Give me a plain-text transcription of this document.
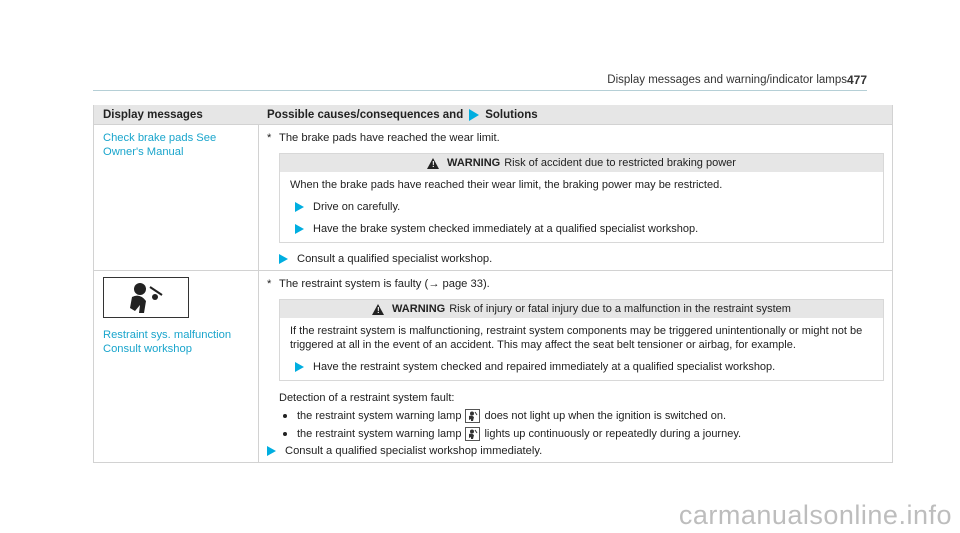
Display messages and warning/indicator lamps 477
Display messages	Possible causes/consequences and Solutions
Check brake pads See
Owner's Manual
* The brake pads have reached the wear limit.
! WARNING Risk of accident due to restricted braking power
When the brake pads have reached their wear limit, the braking power may be restricted.
Drive on carefully.
Have the brake system checked immediately at a qualified specialist workshop.
Consult a qualified specialist workshop.
Restraint sys. malfunction
Consult workshop
* The restraint system is faulty (→ page 33).
! WARNING Risk of injury or fatal injury due to a malfunction in the restraint system
If the restraint system is malfunctioning, restraint system components may be triggered unintentionally or might not be triggered at all in the event of an accident. This may affect the seat belt tensioner or airbag, for example.
Have the restraint system checked and repaired immediately at a qualified specialist workshop.
Detection of a restraint system fault:
the restraint system warning lamp does not light up when the ignition is switched on.
the restraint system warning lamp lights up continuously or repeatedly during a journey.
Consult a qualified specialist workshop immediately.
carmanualsonline.info
